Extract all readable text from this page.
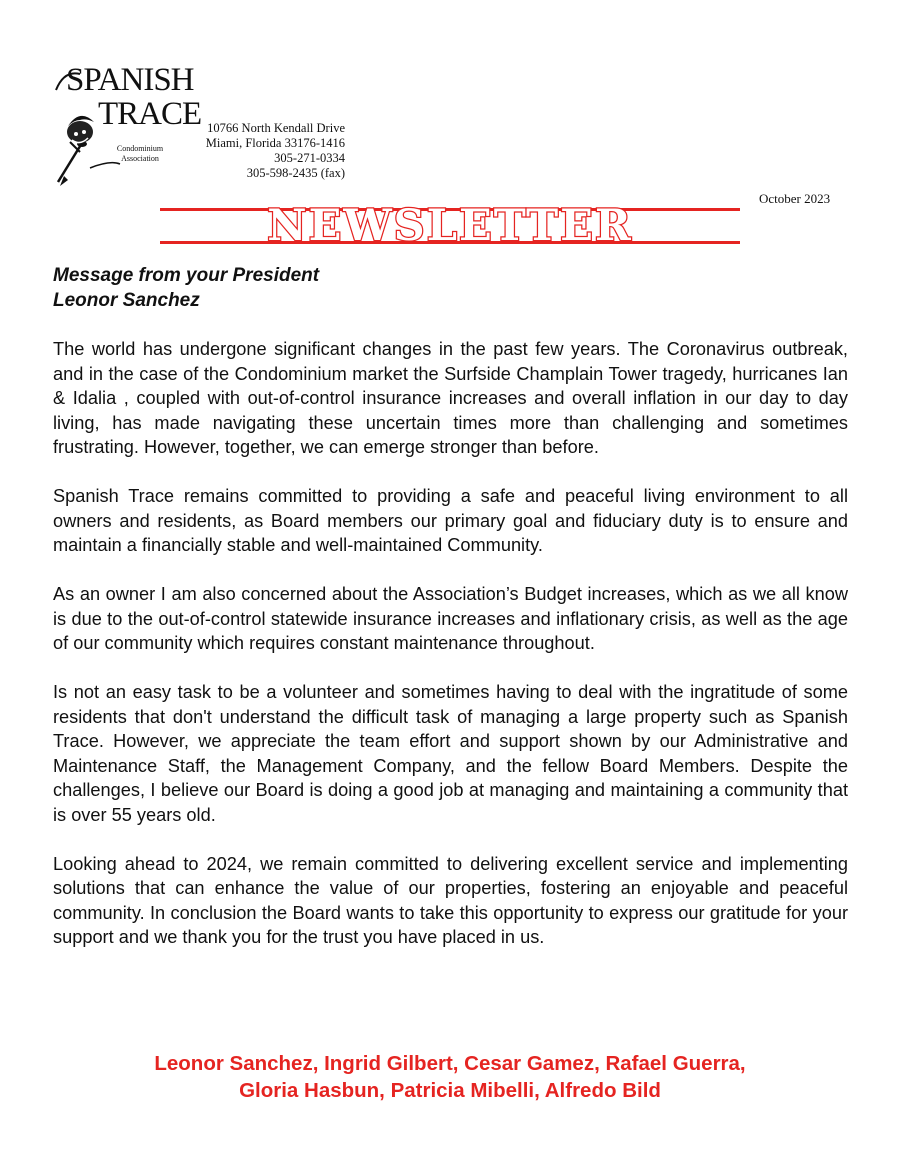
SPANISH
TRACE
Condominium
Association
10766 North Kendall Drive
Miami, Florida 33176-1416
305-271-0334
305-598-2435 (fax)
October 2023
NEWSLETTER
Message from your President
Leonor Sanchez

The world has undergone significant changes in the past few years. The Coronavirus outbreak, and in the case of the Condominium market the Surfside Champlain Tower tragedy, hurricanes Ian & Idalia , coupled with out-of-control insurance increases and overall inflation in our day to day living, has made navigating these uncertain times more than challenging and sometimes frustrating. However, together, we can emerge stronger than before.

Spanish Trace remains committed to providing a safe and peaceful living environment to all owners and residents, as Board members our primary goal and fiduciary duty is to ensure and maintain a financially stable and well-maintained Community.

As an owner I am also concerned about the Association’s Budget increases, which as we all know is due to the out-of-control statewide insurance increases and inflationary crisis, as well as the age of our community which requires constant maintenance throughout.

Is not an easy task to be a volunteer and sometimes having to deal with the ingratitude of some residents that don't understand the difficult task of managing a large property such as Spanish Trace. However, we appreciate the team effort and support shown by our Administrative and Maintenance Staff, the Management Company, and the fellow Board Members. Despite the challenges, I believe our Board is doing a good job at managing and maintaining a community that is over 55 years old.

Looking ahead to 2024, we remain committed to delivering excellent service and implementing solutions that can enhance the value of our properties, fostering an enjoyable and peaceful community. In conclusion the Board wants to take this opportunity to express our gratitude for your support and we thank you for the trust you have placed in us.

Leonor Sanchez, Ingrid Gilbert, Cesar Gamez, Rafael Guerra,
Gloria Hasbun, Patricia Mibelli, Alfredo Bild
